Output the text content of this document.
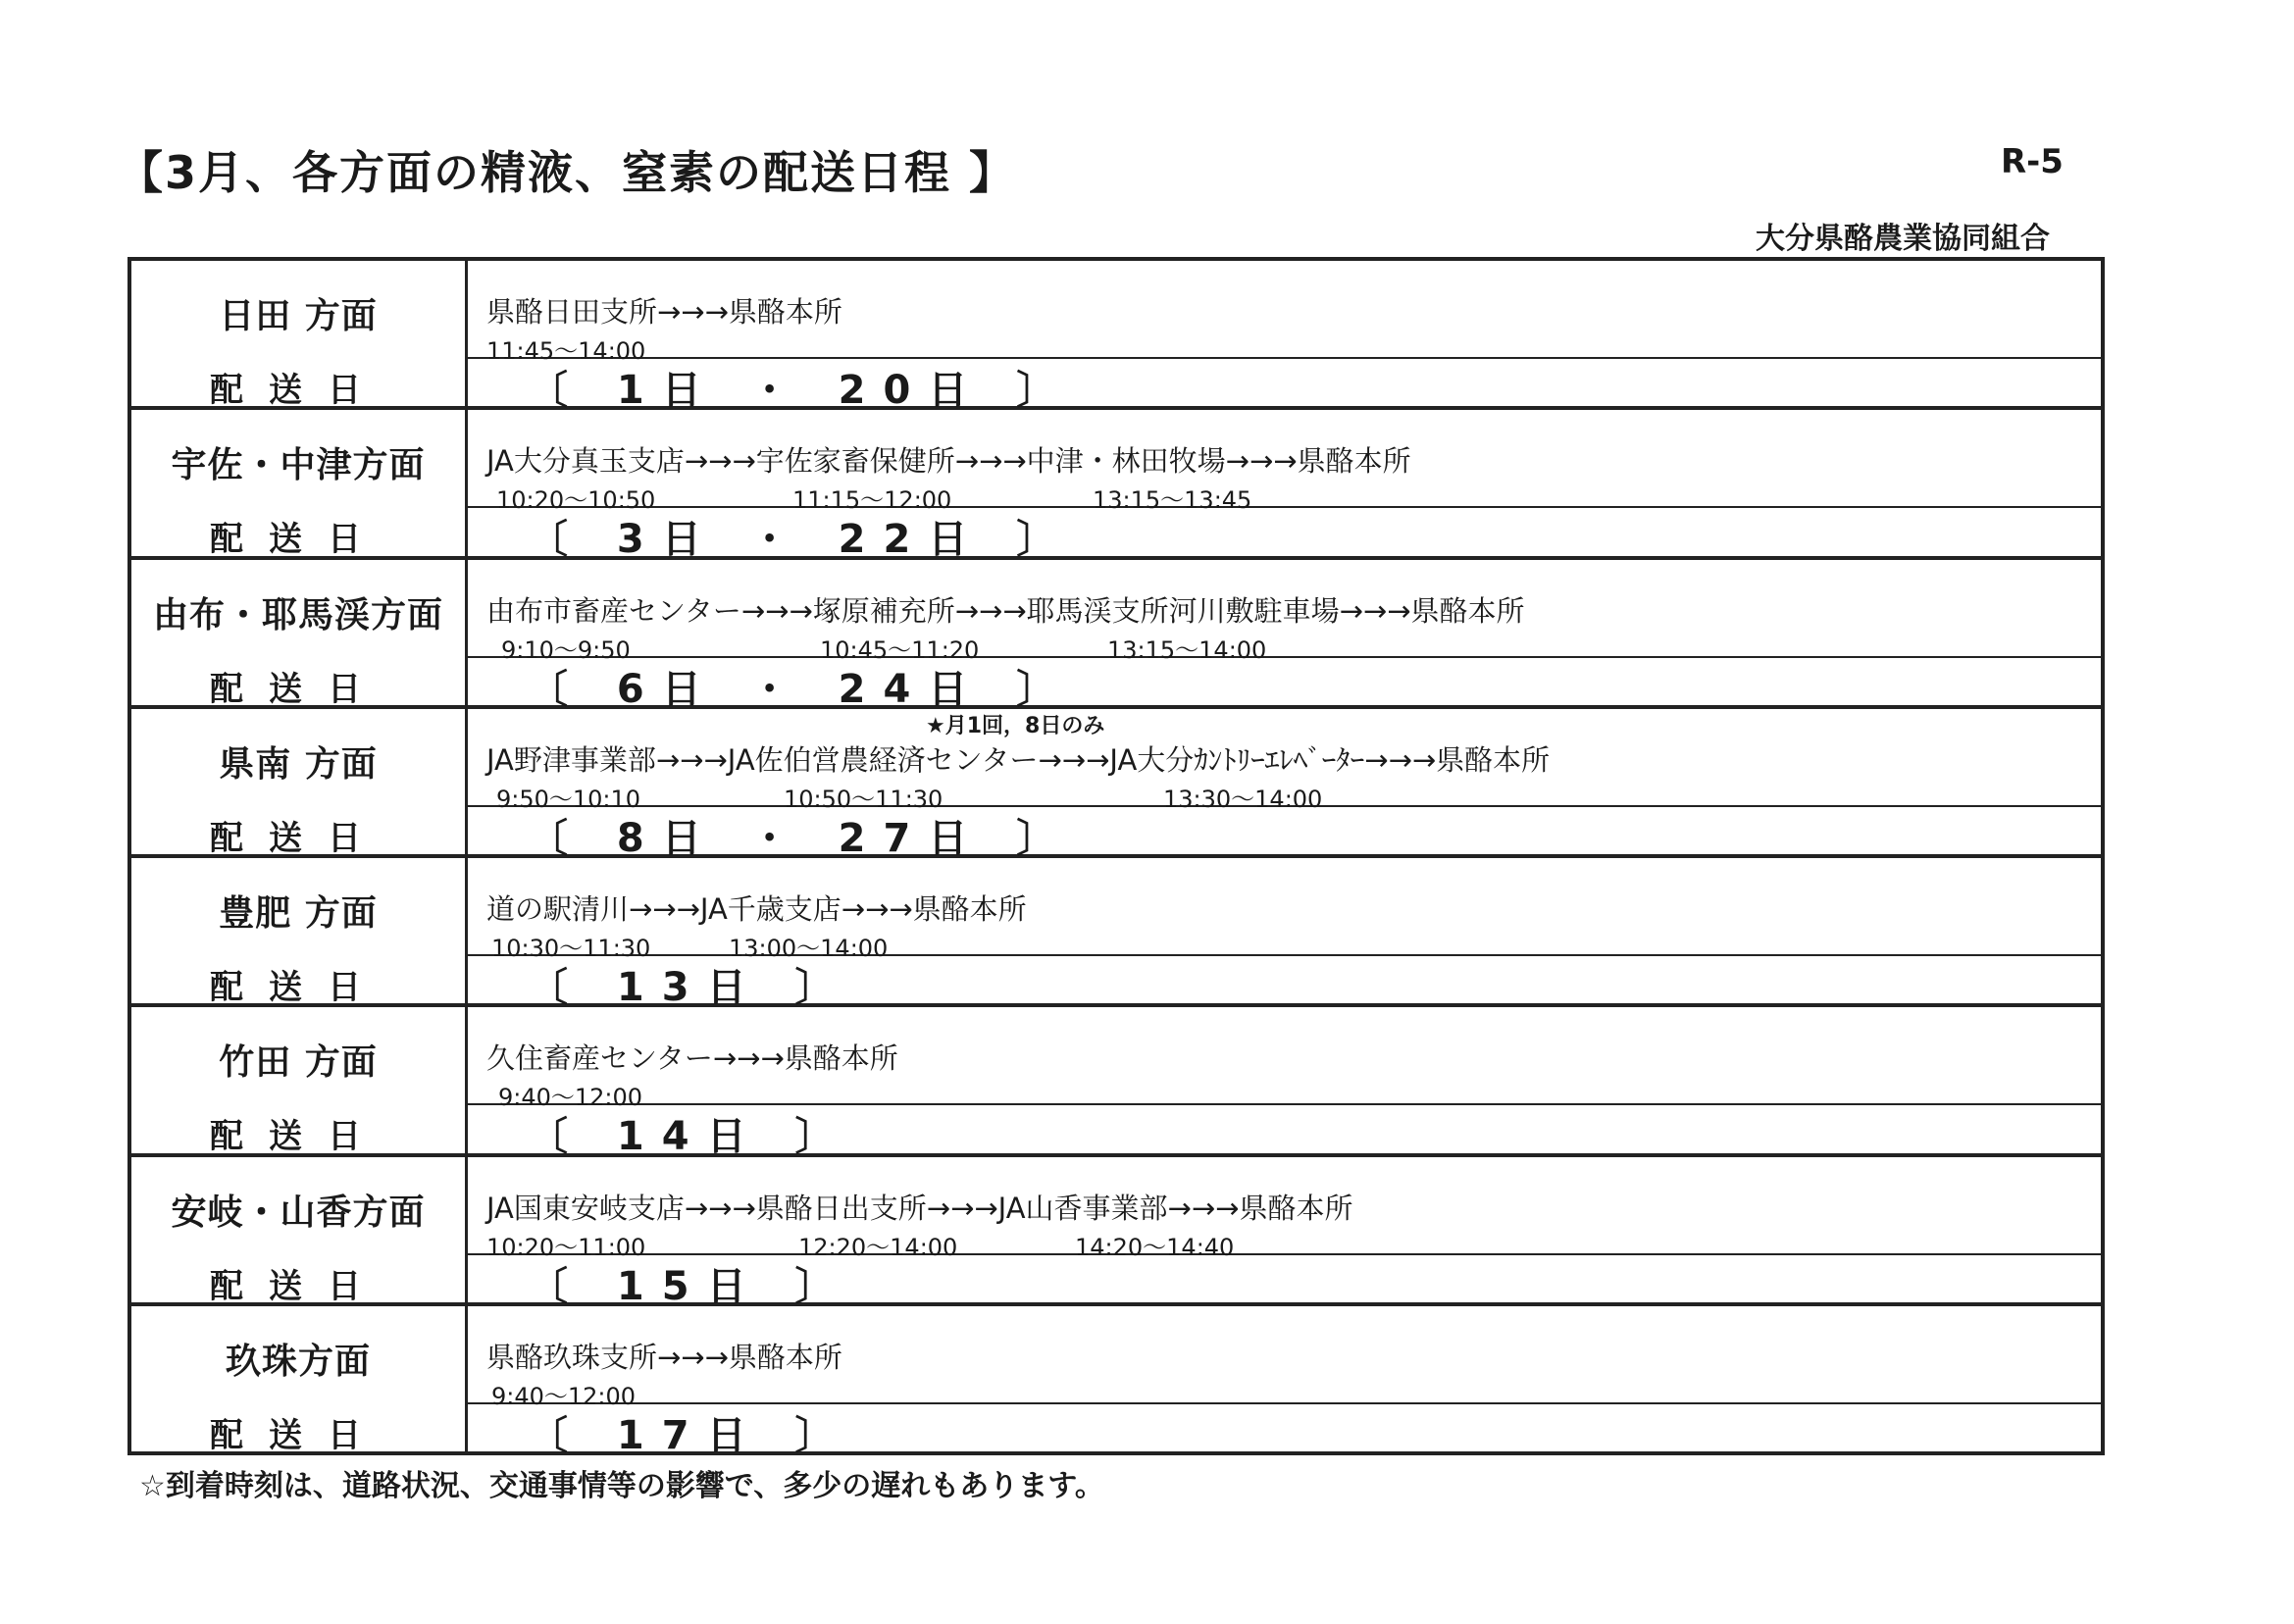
【3月、各方面の精液、窒素の配送日程 】	R-5
大分県酪農業協同組合
日田 方面	県酪日田支所→→→県酪本所
11:45～14:00
配送日	〔 1日 ・ 20日 〕
宇佐・中津方面	JA大分真玉支店→→→宇佐家畜保健所→→→中津・林田牧場→→→県酪本所
10:20～10:50	11:15～12:00	13:15～13:45
配送日	〔 3日 ・ 22日 〕
由布・耶馬渓方面	由布市畜産センター→→→塚原補充所→→→耶馬渓支所河川敷駐車場→→→県酪本所
9:10～9:50	10:45～11:20	13:15～14:00
配送日	〔 6日 ・ 24日 〕
★月1回，8日のみ
県南 方面	JA野津事業部→→→JA佐伯営農経済センター→→→JA大分ｶﾝﾄﾘｰｴﾚﾍﾞｰﾀｰ→→→県酪本所
9:50～10:10	10:50～11:30	13:30～14:00
配送日	〔 8日 ・ 27日 〕
豊肥 方面	道の駅清川→→→JA千歳支店→→→県酪本所
10:30～11:30	13:00～14:00
配送日	〔 13日 〕
竹田 方面	久住畜産センター→→→県酪本所
9:40～12:00
配送日	〔 14日 〕
安岐・山香方面	JA国東安岐支店→→→県酪日出支所→→→JA山香事業部→→→県酪本所
10:20～11:00	12:20～14:00	14:20～14:40
配送日	〔 15日 〕
玖珠方面	県酪玖珠支所→→→県酪本所
9:40～12:00
配送日	〔 17日 〕
☆到着時刻は、道路状況、交通事情等の影響で、多少の遅れもあります。
